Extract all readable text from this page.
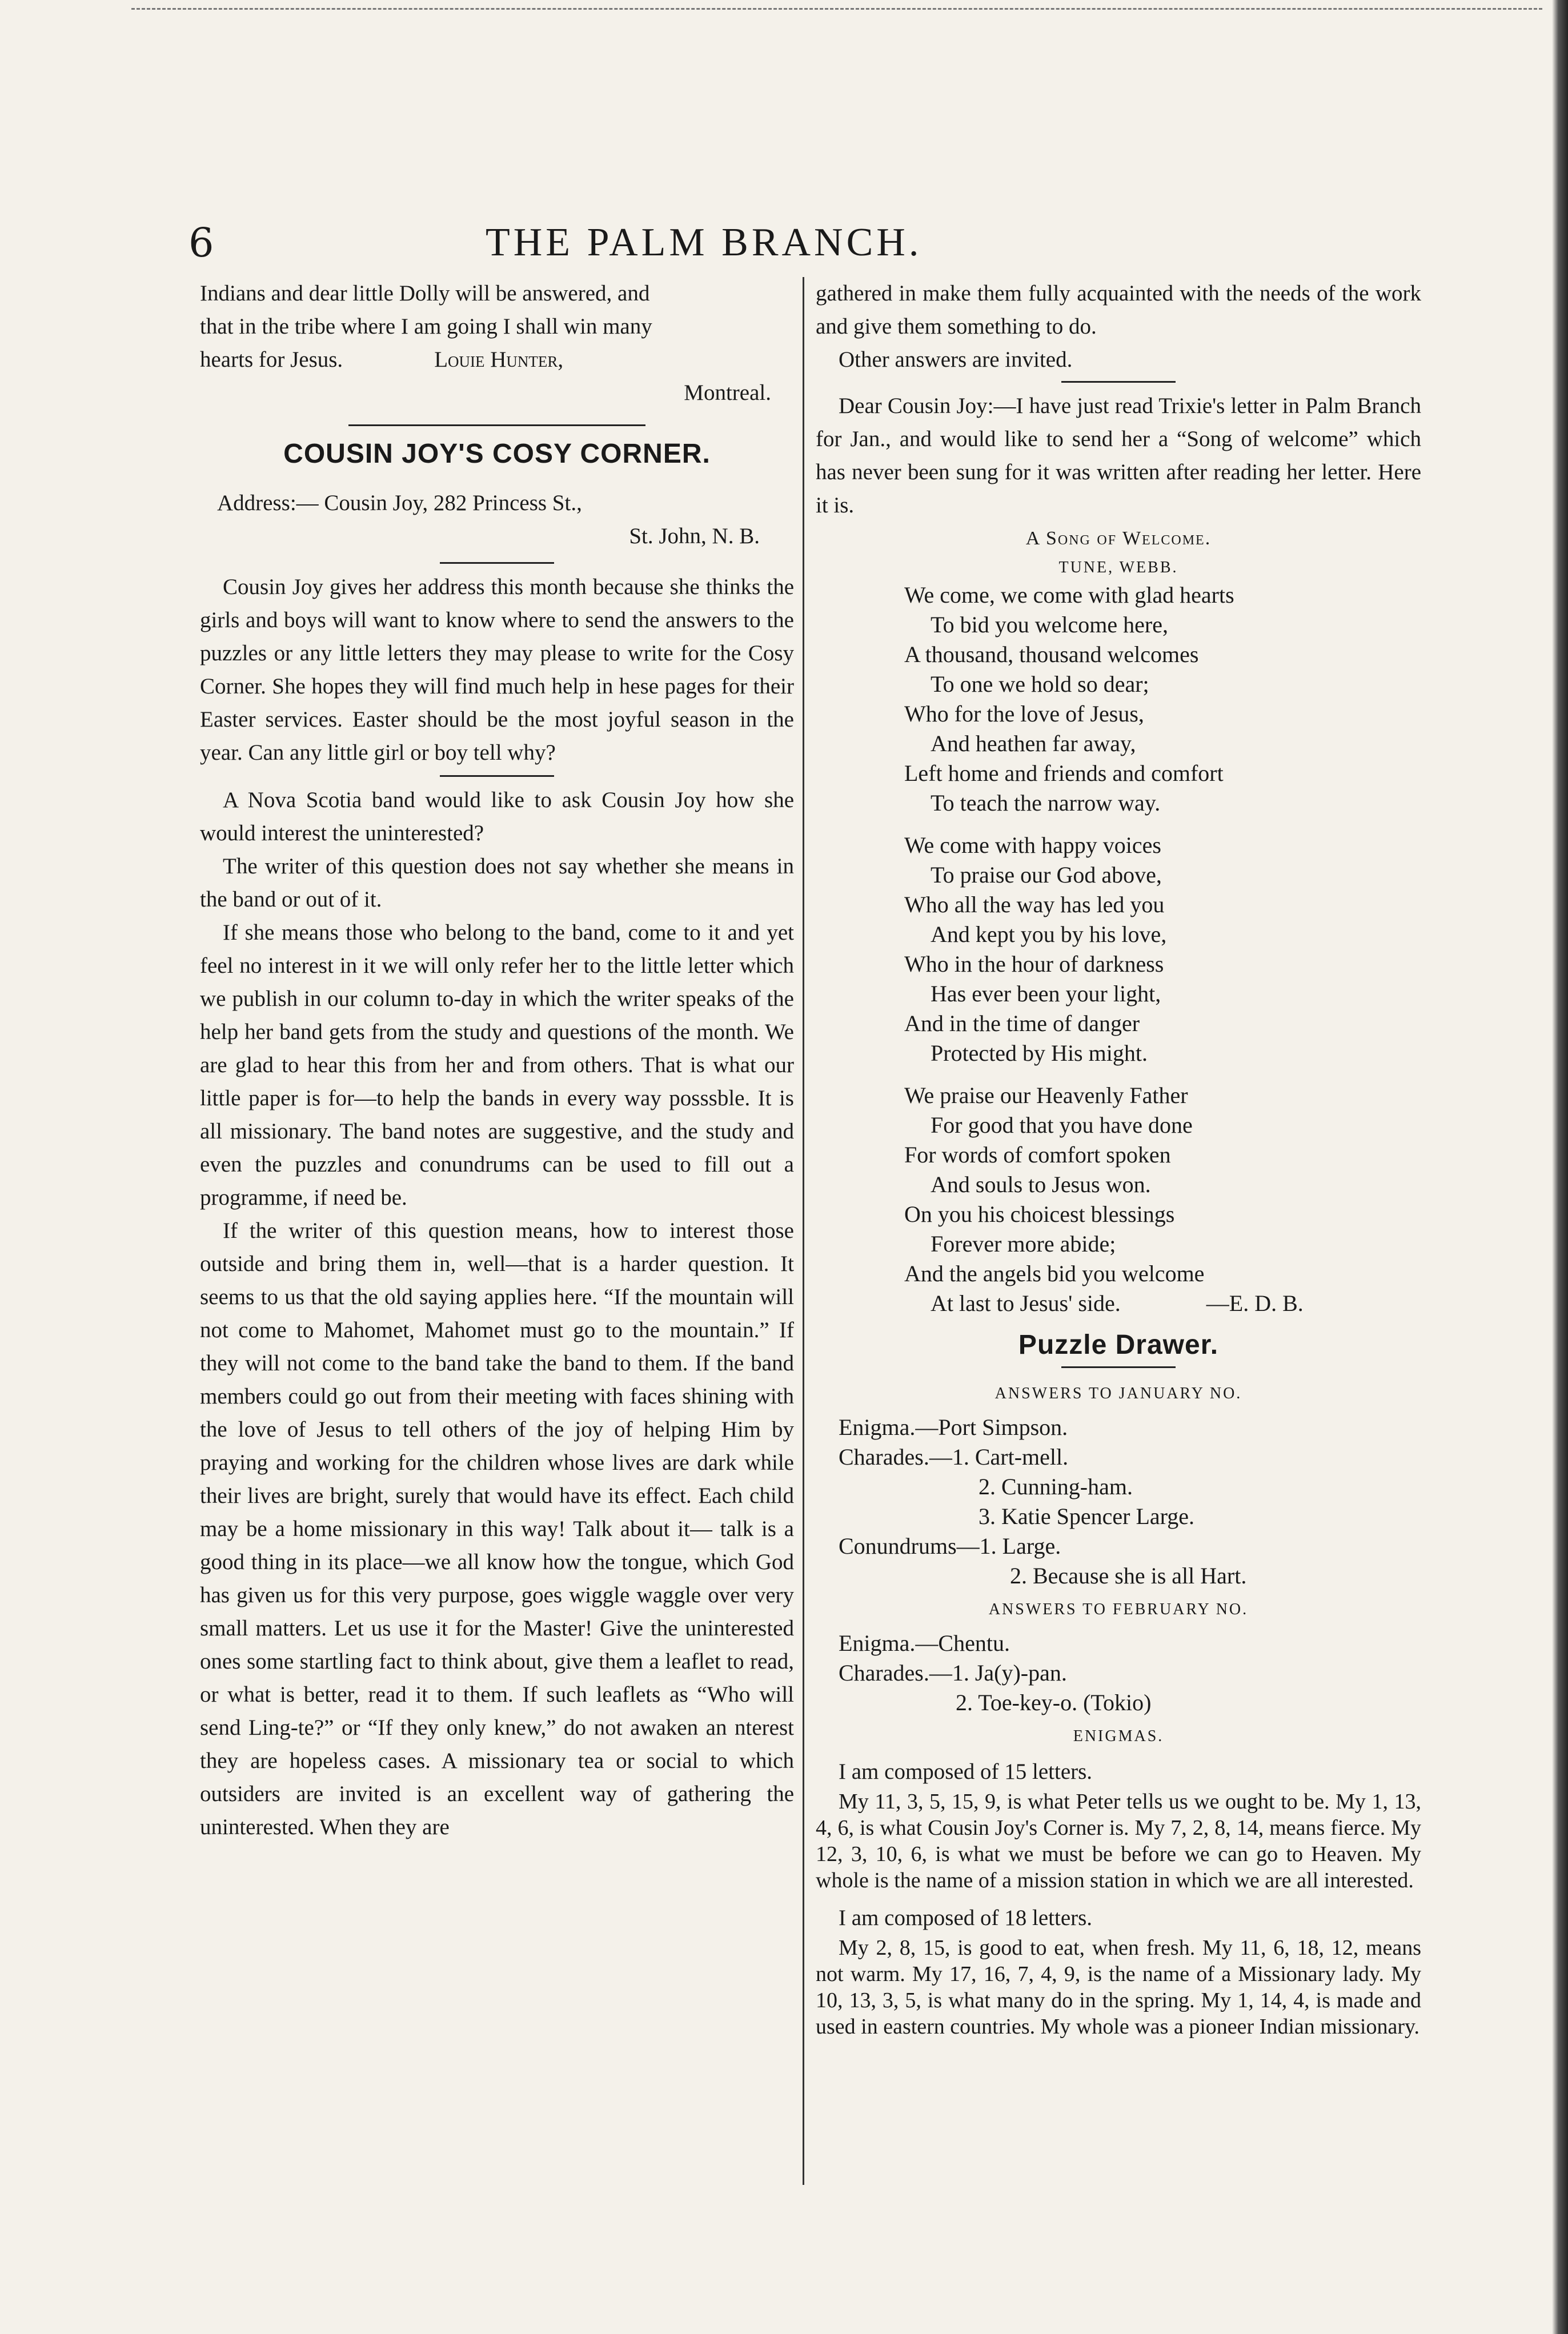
6	THE PALM BRANCH.

Indians and dear little Dolly will be answered, and

that in the tribe where I am going I shall win many

hearts for Jesus.	Louie Hunter,

Montreal.

COUSIN JOY'S COSY CORNER.

Address:— Cousin Joy, 282 Princess St.,

St. John, N. B.

Cousin Joy gives her address this month because she thinks the girls and boys will want to know where to send the answers to the puzzles or any little letters they may please to write for the Cosy Corner. She hopes they will find much help in hese pages for their Easter services. Easter should be the most joyful season in the year. Can any little girl or boy tell why?

A Nova Scotia band would like to ask Cousin Joy how she would interest the uninterested?

The writer of this question does not say whether she means in the band or out of it.

If she means those who belong to the band, come to it and yet feel no interest in it we will only refer her to the little letter which we publish in our column to-day in which the writer speaks of the help her band gets from the study and questions of the month. We are glad to hear this from her and from others. That is what our little paper is for—to help the bands in every way posssble. It is all missionary. The band notes are suggestive, and the study and even the puzzles and conundrums can be used to fill out a programme, if need be.

If the writer of this question means, how to interest those outside and bring them in, well—that is a harder question. It seems to us that the old saying applies here. “If the mountain will not come to Mahomet, Mahomet must go to the mountain.” If they will not come to the band take the band to them. If the band members could go out from their meeting with faces shining with the love of Jesus to tell others of the joy of helping Him by praying and working for the children whose lives are dark while their lives are bright, surely that would have its effect. Each child may be a home missionary in this way! Talk about it— talk is a good thing in its place—we all know how the tongue, which God has given us for this very purpose, goes wiggle waggle over very small matters. Let us use it for the Master! Give the uninterested ones some startling fact to think about, give them a leaflet to read, or what is better, read it to them. If such leaflets as “Who will send Ling-te?” or “If they only knew,” do not awaken an nterest they are hopeless cases. A missionary tea or social to which outsiders are invited is an excellent way of gathering the uninterested. When they are

gathered in make them fully acquainted with the needs of the work and give them something to do.

Other answers are invited.

Dear Cousin Joy:—I have just read Trixie's letter in Palm Branch for Jan., and would like to send her a “Song of welcome” which has never been sung for it was written after reading her letter. Here it is.

A Song of Welcome.

TUNE, WEBB.

We come, we come with glad hearts
To bid you welcome here,
A thousand, thousand welcomes
To one we hold so dear;
Who for the love of Jesus,
And heathen far away,
Left home and friends and comfort
To teach the narrow way.
We come with happy voices
To praise our God above,
Who all the way has led you
And kept you by his love,
Who in the hour of darkness
Has ever been your light,
And in the time of danger
Protected by His might.
We praise our Heavenly Father
For good that you have done
For words of comfort spoken
And souls to Jesus won.
On you his choicest blessings
Forever more abide;
And the angels bid you welcome
At last to Jesus' side.	—E. D. B.

Puzzle Drawer.

ANSWERS TO JANUARY NO.

Enigma.—Port Simpson.
Charades.—1. Cart-mell.
2. Cunning-ham.
3. Katie Spencer Large.
Conundrums—1. Large.
2. Because she is all Hart.

ANSWERS TO FEBRUARY NO.

Enigma.—Chentu.
Charades.—1. Ja(y)-pan.
2. Toe-key-o. (Tokio)

ENIGMAS.

I am composed of 15 letters.

My 11, 3, 5, 15, 9, is what Peter tells us we ought to be. My 1, 13, 4, 6, is what Cousin Joy's Corner is. My 7, 2, 8, 14, means fierce. My 12, 3, 10, 6, is what we must be before we can go to Heaven. My whole is the name of a mission station in which we are all interested.

I am composed of 18 letters.

My 2, 8, 15, is good to eat, when fresh. My 11, 6, 18, 12, means not warm. My 17, 16, 7, 4, 9, is the name of a Missionary lady. My 10, 13, 3, 5, is what many do in the spring. My 1, 14, 4, is made and used in eastern countries. My whole was a pioneer Indian missionary.
